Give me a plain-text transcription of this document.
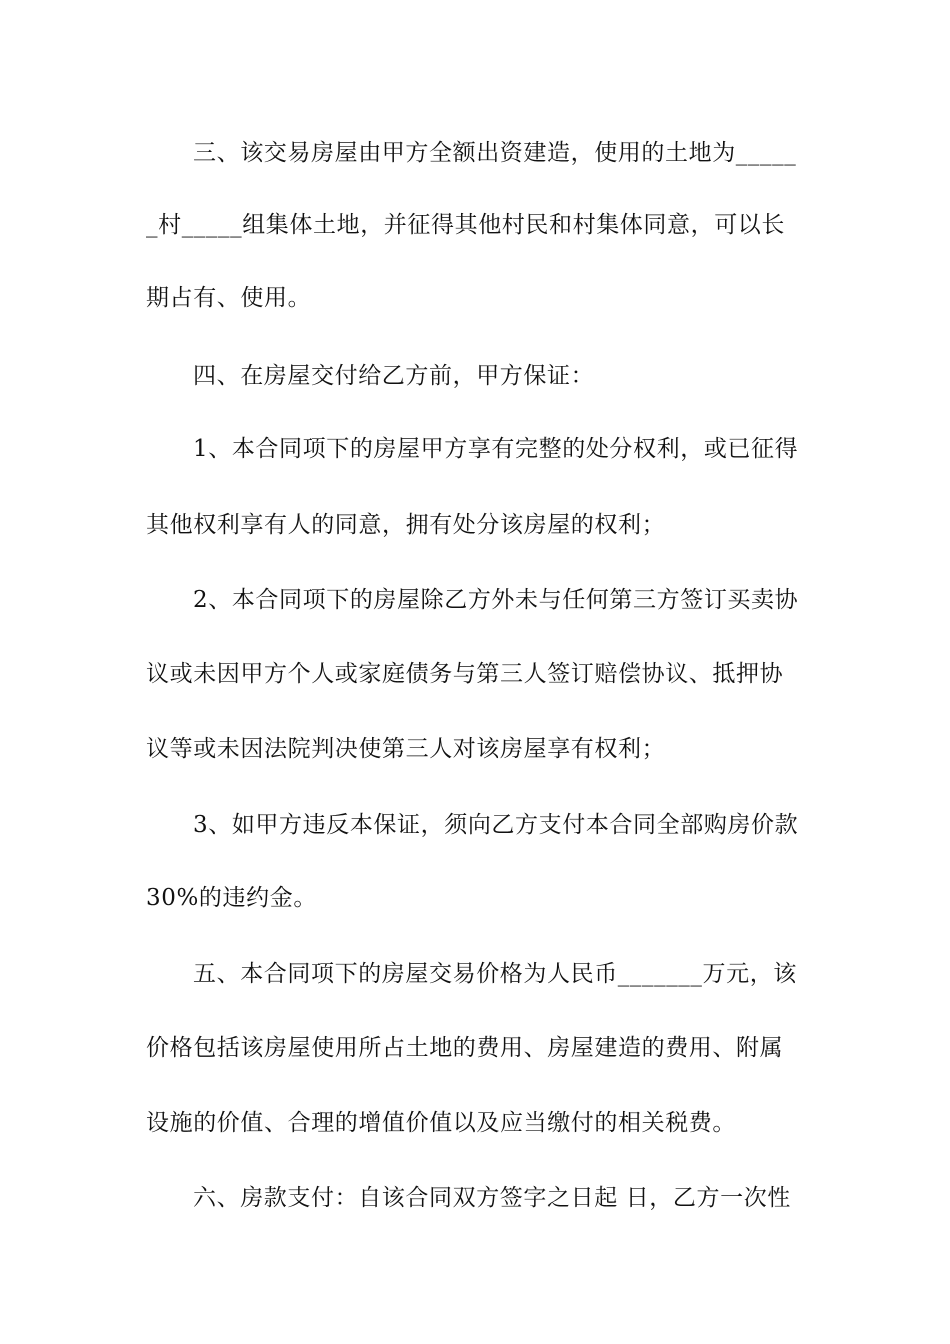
三、该交易房屋由甲方全额出资建造，使用的土地为_____
_村_____组集体土地，并征得其他村民和村集体同意，可以长
期占有、使用。
四、在房屋交付给乙方前，甲方保证：
1、本合同项下的房屋甲方享有完整的处分权利，或已征得
其他权利享有人的同意，拥有处分该房屋的权利；
2、本合同项下的房屋除乙方外未与任何第三方签订买卖协
议或未因甲方个人或家庭债务与第三人签订赔偿协议、抵押协
议等或未因法院判决使第三人对该房屋享有权利；
3、如甲方违反本保证，须向乙方支付本合同全部购房价款
30%的违约金。
五、本合同项下的房屋交易价格为人民币_______万元，该
价格包括该房屋使用所占土地的费用、房屋建造的费用、附属
设施的价值、合理的增值价值以及应当缴付的相关税费。
六、房款支付：自该合同双方签字之日起 日，乙方一次性
